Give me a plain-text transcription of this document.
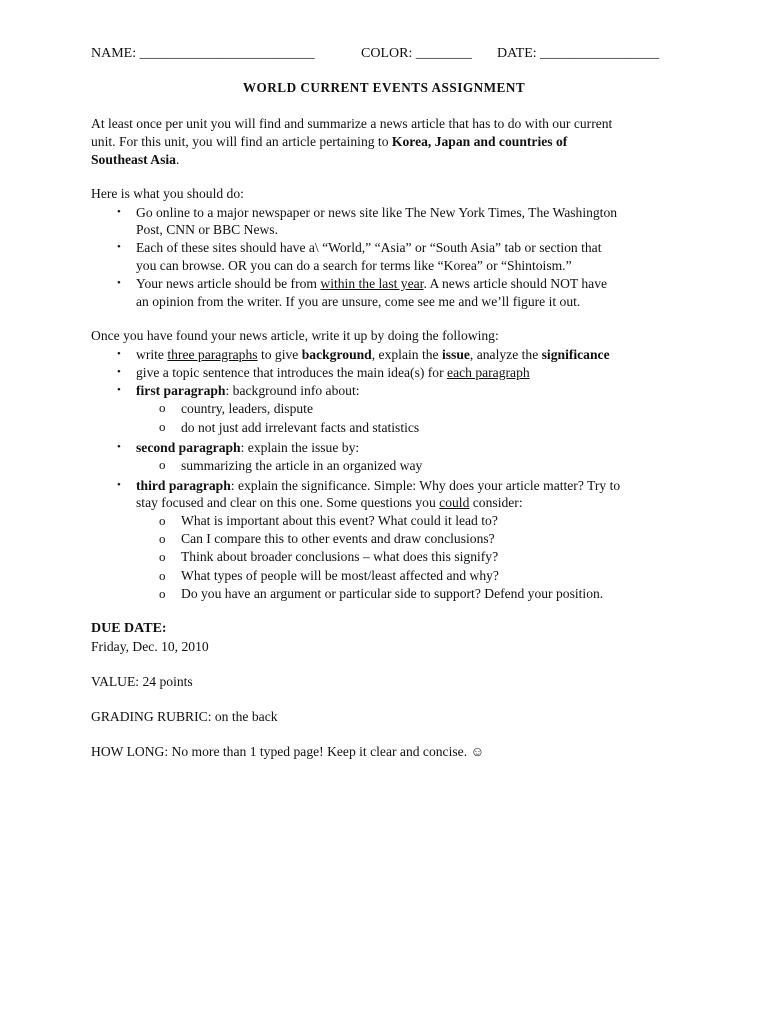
NAME: _________________________	COLOR: ________ DATE: _________________
WORLD CURRENT EVENTS ASSIGNMENT
At least once per unit you will find and summarize a news article that has to do with our current
unit. For this unit, you will find an article pertaining to Korea, Japan and countries of
Southeast Asia.
Here is what you should do:
• Go online to a major newspaper or news site like The New York Times, The Washington
Post, CNN or BBC News.
• Each of these sites should have a\ “World,” “Asia” or “South Asia” tab or section that
you can browse. OR you can do a search for terms like “Korea” or “Shintoism.”
• Your news article should be from within the last year. A news article should NOT have
an opinion from the writer. If you are unsure, come see me and we’ll figure it out.
Once you have found your news article, write it up by doing the following:
• write three paragraphs to give background, explain the issue, analyze the significance
• give a topic sentence that introduces the main idea(s) for each paragraph
• first paragraph: background info about:
o country, leaders, dispute
o do not just add irrelevant facts and statistics
• second paragraph: explain the issue by:
o summarizing the article in an organized way
• third paragraph: explain the significance. Simple: Why does your article matter? Try to
stay focused and clear on this one. Some questions you could consider:
o What is important about this event? What could it lead to?
o Can I compare this to other events and draw conclusions?
o Think about broader conclusions – what does this signify?
o What types of people will be most/least affected and why?
o Do you have an argument or particular side to support? Defend your position.
DUE DATE:
Friday, Dec. 10, 2010
VALUE: 24 points
GRADING RUBRIC: on the back
HOW LONG: No more than 1 typed page! Keep it clear and concise. ☺
